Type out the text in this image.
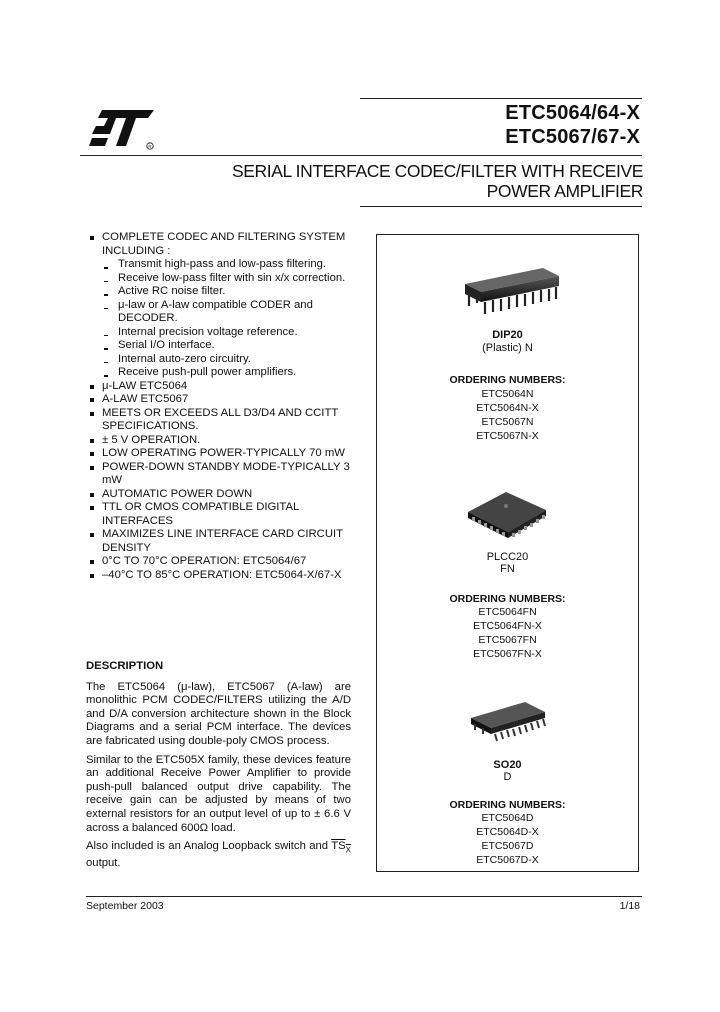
R
ETC5064/64-X
ETC5067/67-X
SERIAL INTERFACE CODEC/FILTER WITH RECEIVE
POWER AMPLIFIER
COMPLETE CODEC AND FILTERING SYSTEM INCLUDING :
Transmit high-pass and low-pass filtering.
Receive low-pass filter with sin x/x correction.
Active RC noise filter.
μ-law or A-law compatible CODER and DECODER.
Internal precision voltage reference.
Serial I/O interface.
Internal auto-zero circuitry.
Receive push-pull power amplifiers.
μ-LAW ETC5064
A-LAW ETC5067
MEETS OR EXCEEDS ALL D3/D4 AND CCITT SPECIFICATIONS.
± 5 V OPERATION.
LOW OPERATING POWER-TYPICALLY 70 mW
POWER-DOWN STANDBY MODE-TYPICALLY 3 mW
AUTOMATIC POWER DOWN
TTL OR CMOS COMPATIBLE DIGITAL INTERFACES
MAXIMIZES LINE INTERFACE CARD CIRCUIT DENSITY
0°C TO 70°C OPERATION: ETC5064/67
–40°C TO 85°C OPERATION: ETC5064-X/67-X
DESCRIPTION

The ETC5064 (μ-law), ETC5067 (A-law) are monolithic PCM CODEC/FILTERS utilizing the A/D and D/A conversion architecture shown in the Block Diagrams and a serial PCM interface. The devices are fabricated using double-poly CMOS process.

Similar to the ETC505X family, these devices feature an additional Receive Power Amplifier to provide push-pull balanced output drive capability. The receive gain can be adjusted by means of two external resistors for an output level of up to ± 6.6 V across a balanced 600Ω load.

Also included is an Analog Loopback switch and $TS_X$ output.

DIP20
(Plastic) N
ORDERING NUMBERS:
ETC5064N
ETC5064N-X
ETC5067N
ETC5067N-X
PLCC20
FN
ORDERING NUMBERS:
ETC5064FN
ETC5064FN-X
ETC5067FN
ETC5067FN-X
SO20
D
ORDERING NUMBERS:
ETC5064D
ETC5064D-X
ETC5067D
ETC5067D-X
September 2003	1/18
